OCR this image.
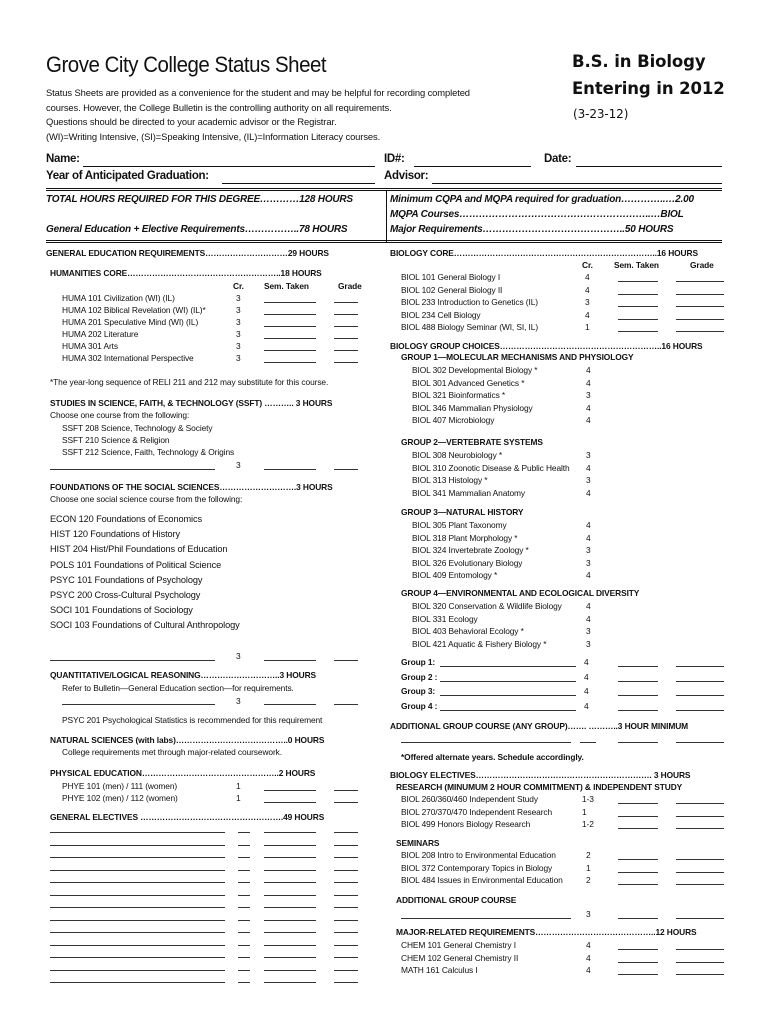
Grove City College Status Sheet	B.S. in Biology
Entering in 2012
(3-23-12)
Status Sheets are provided as a convenience for the student and may be helpful for recording completed
courses. However, the College Bulletin is the controlling authority on all requirements.
Questions should be directed to your academic advisor or the Registrar.
(WI)=Writing Intensive, (SI)=Speaking Intensive, (IL)=Information Literacy courses.
Name:	ID#:	Date:
Year of Anticipated Graduation:	Advisor:
TOTAL HOURS REQUIRED FOR THIS DEGREE…………128 HOURS
General Education + Elective Requirements……………..78 HOURS
Minimum CQPA and MQPA required for graduation…………..…2.00
MQPA Courses…………………………………………………..…BIOL
Major Requirements……………………………………..50 HOURS
GENERAL EDUCATION REQUIREMENTS…………………………29 HOURS
HUMANITIES CORE………………………………………………..18 HOURS
Cr. Sem. Taken	Grade
HUMA 101 Civilization (WI) (IL)	3
HUMA 102 Biblical Revelation (WI) (IL)*	3
HUMA 201 Speculative Mind (WI) (IL)	3
HUMA 202 Literature	3
HUMA 301 Arts	3
HUMA 302 International Perspective	3
*The year-long sequence of RELI 211 and 212 may substitute for this course.
STUDIES IN SCIENCE, FAITH, & TECHNOLOGY (SSFT) ……….. 3 HOURS
Choose one course from the following:
SSFT 208 Science, Technology & Society
SSFT 210 Science & Religion
SSFT 212 Science, Faith, Technology & Origins
3
FOUNDATIONS OF THE SOCIAL SCIENCES……………………….3 HOURS
Choose one social science course from the following:
ECON 120 Foundations of Economics
HIST 120 Foundations of History
HIST 204 Hist/Phil Foundations of Education
POLS 101 Foundations of Political Science
PSYC 101 Foundations of Psychology
PSYC 200 Cross-Cultural Psychology
SOCI 101 Foundations of Sociology
SOCI 103 Foundations of Cultural Anthropology
3
QUANTITATIVE/LOGICAL REASONING………………………..3 HOURS
Refer to Bulletin—General Education section—for requirements.
3
PSYC 201 Psychological Statistics is recommended for this requirement
NATURAL SCIENCES (with labs)…………………………………..0 HOURS
College requirements met through major-related coursework.
PHYSICAL EDUCATION…………………………………………..2 HOURS
PHYE 101 (men) / 111 (women)	1
PHYE 102 (men) / 112 (women)	1
GENERAL ELECTIVES …………………………………………….49 HOURS
BIOLOGY CORE………………………………………………………………..16 HOURS
Cr.	Sem. Taken	Grade
BIOL 101 General Biology I	4
BIOL 102 General Biology II	4
BIOL 233 Introduction to Genetics (IL)	3
BIOL 234 Cell Biology	4
BIOL 488 Biology Seminar (WI, SI, IL)	1
BIOLOGY GROUP CHOICES…………………………………………………..16 HOURS
GROUP 1—MOLECULAR MECHANISMS AND PHYSIOLOGY
BIOL 302 Developmental Biology *	4
BIOL 301 Advanced Genetics *	4
BIOL 321 Bioinformatics *	3
BIOL 346 Mammalian Physiology	4
BIOL 407 Microbiology	4
GROUP 2—VERTEBRATE SYSTEMS
BIOL 308 Neurobiology *	3
BIOL 310 Zoonotic Disease & Public Health 4
BIOL 313 Histology *	3
BIOL 341 Mammalian Anatomy	4
GROUP 3—NATURAL HISTORY
BIOL 305 Plant Taxonomy	4
BIOL 318 Plant Morphology *	4
BIOL 324 Invertebrate Zoology *	3
BIOL 326 Evolutionary Biology	3
BIOL 409 Entomology *	4
GROUP 4—ENVIRONMENTAL AND ECOLOGICAL DIVERSITY
BIOL 320 Conservation & Wildlife Biology	4
BIOL 331 Ecology	4
BIOL 403 Behavioral Ecology *	3
BIOL 421 Aquatic & Fishery Biology *	3
Group 1:	4
Group 2 :	4
Group 3:	4
Group 4 :	4
ADDITIONAL GROUP COURSE (ANY GROUP)……. ………..3 HOUR MINIMUM
*Offered alternate years. Schedule accordingly.
BIOLOGY ELECTIVES………………………………………………………. 3 HOURS
RESEARCH (MINUMUM 2 HOUR COMMITMENT) & INDEPENDENT STUDY
BIOL 260/360/460 Independent Study	1-3
BIOL 270/370/470 Independent Research	1
BIOL 499 Honors Biology Research	1-2
SEMINARS
BIOL 208 Intro to Environmental Education	2
BIOL 372 Contemporary Topics in Biology	1
BIOL 484 Issues in Environmental Education	2
ADDITIONAL GROUP COURSE
3
MAJOR-RELATED REQUIREMENTS……………………………………..12 HOURS
CHEM 101 General Chemistry I	4
CHEM 102 General Chemistry II	4
MATH 161 Calculus I	4
